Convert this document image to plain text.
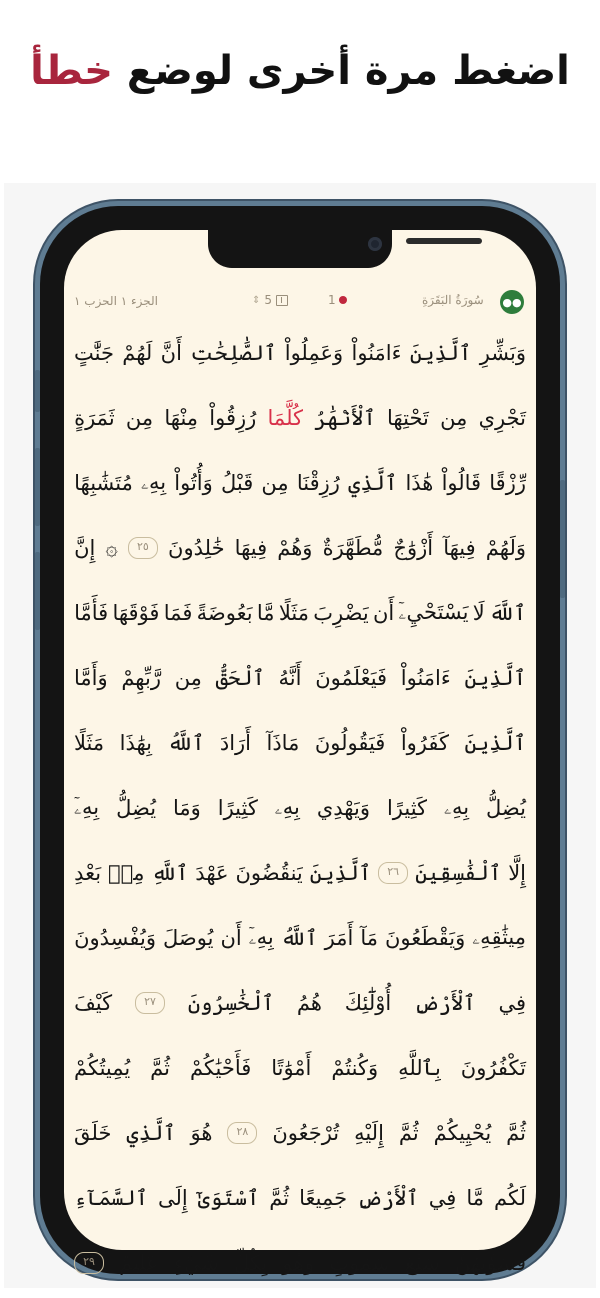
اضغط مرة أخرى لوضع خطأ
الجزء ١ الحزب ١	⇕ 5	1	سُورَةُ البَقَرَةِ ●●
وَبَشِّرِ
ٱلَّذِينَ
ءَامَنُواْ
وَعَمِلُواْ
ٱلصَّٰلِحَٰتِ
أَنَّ
لَهُمْ
جَنَّٰتٍ
تَجْرِي
مِن
تَحْتِهَا
ٱلْأَنْهَٰرُ
كُلَّمَا
رُزِقُواْ
مِنْهَا
مِن
ثَمَرَةٍ
رِّزْقًا
قَالُواْ
هَٰذَا
ٱلَّذِي
رُزِقْنَا
مِن
قَبْلُ
وَأُتُواْ
بِهِۦ
مُتَشَٰبِهًا
وَلَهُمْ
فِيهَآ
أَزْوَٰجٌ
مُّطَهَّرَةٌ
وَهُمْ
فِيهَا
خَٰلِدُونَ
٢٥
۞
إِنَّ
ٱللَّهَ
لَا
يَسْتَحْيِۦٓ
أَن
يَضْرِبَ
مَثَلًا
مَّا
بَعُوضَةً
فَمَا
فَوْقَهَا
فَأَمَّا
ٱلَّذِينَ
ءَامَنُواْ
فَيَعْلَمُونَ
أَنَّهُ
ٱلْحَقُّ
مِن
رَّبِّهِمْ
وَأَمَّا
ٱلَّذِينَ
كَفَرُواْ
فَيَقُولُونَ
مَاذَآ
أَرَادَ
ٱللَّهُ
بِهَٰذَا
مَثَلًا
يُضِلُّ
بِهِۦ
كَثِيرًا
وَيَهْدِي
بِهِۦ
كَثِيرًا
وَمَا
يُضِلُّ
بِهِۦٓ
إِلَّا
ٱلْفَٰسِقِينَ
٢٦
ٱلَّذِينَ
يَنقُضُونَ
عَهْدَ
ٱللَّهِ
مِنۢ
بَعْدِ
مِيثَٰقِهِۦ
وَيَقْطَعُونَ
مَآ
أَمَرَ
ٱللَّهُ
بِهِۦٓ
أَن
يُوصَلَ
وَيُفْسِدُونَ
فِي
ٱلْأَرْضِ
أُوْلَٰٓئِكَ
هُمُ
ٱلْخَٰسِرُونَ
٢٧
كَيْفَ
تَكْفُرُونَ
بِٱللَّهِ
وَكُنتُمْ
أَمْوَٰتًا
فَأَحْيَٰكُمْ
ثُمَّ
يُمِيتُكُمْ
ثُمَّ
يُحْيِيكُمْ
ثُمَّ
إِلَيْهِ
تُرْجَعُونَ
٢٨
هُوَ
ٱلَّذِي
خَلَقَ
لَكُم
مَّا
فِي
ٱلْأَرْضِ
جَمِيعًا
ثُمَّ
ٱسْتَوَىٰٓ
إِلَى
ٱلسَّمَآءِ
فَسَوَّىٰهُنَّ
سَبْعَ
سَمَٰوَٰتٍ
وَهُوَ
بِكُلِّ
شَيْءٍ
عَلِيمٌ
٢٩
